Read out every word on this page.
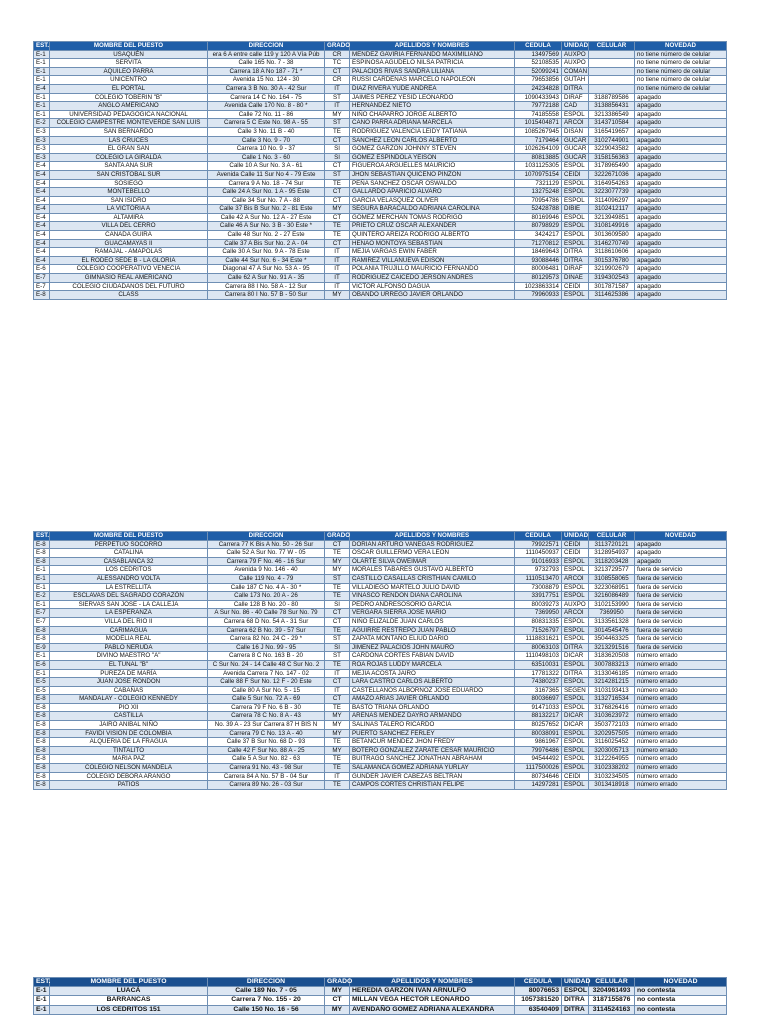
EST.	MOMBRE DEL PUESTO	DIRECCION	GRADO	APELLIDOS Y NOMBRES	CEDULA	UNIDAD	CELULAR	NOVEDAD
E-1	USAQUÉN	era 6 A entre calle 119 y 120 A Vía Púb	CR	MENDEZ GAVIRIA FERNANDO MAXIMILIANO	13497569	AUXPO		no tiene número de celular
E-1	SERVITA	Calle 165 No. 7 - 38	TC	ESPINOSA AGUDELO NILSA PATRICIA	52108535	AUXPO		no tiene número de celular
E-1	AQUILEO PARRA	Carrera 18 A No 187 - 71 *	CT	PALACIOS RIVAS SANDRA LILIANA	52099241	COMAN		no tiene número de celular
E-1	UNICENTRO	Avenida 15 No. 124 - 30	CR	RUSSI CARDENAS MARCELO NAPOLEON	79653856	GUTAH		no tiene número de celular
E-4	EL PORTAL	Carrera 3 B No. 30 A - 42 Sur	IT	DIAZ RIVERA YUDE ANDREA	24234828	DITRA		no tiene número de celular
E-1	COLEGIO TOBERIN "B"	Carrera 14 C No. 164 - 75	ST	JAIMES PEREZ YESID LEONARDO	1090433943	DIRAF	3188789586	apagado
E-1	ANGLO AMERICANO	Avenida Calle 170 No. 8 - 80 *	IT	HERNANDEZ NIETO	79772188	CAD	3138856431	apagado
E-1	UNIVERSIDAD PEDAGOGICA NACIONAL	Calle 72 No. 11 - 86	MY	NIÑO CHAPARRO JORGE ALBERTO	74185558	ESPOL	3213386549	apagado
E-2	COLEGIO CAMPESTRE MONTEVERDE SAN LUIS	Carrera 5 C Este No. 98 A - 55	ST	CANO PARRA ADRIANA MARCELA	1015404871	ARCOI	3143710584	apagado
E-3	SAN BERNARDO	Calle 3 No. 11 B - 40	TE	RODRIGUEZ VALENCIA LEIDY TATIANA	1085267945	DISAN	3165419657	apagado
E-3	LAS CRUCES	Calle 3 No. 9 - 70	CT	SANCHEZ LEON CARLOS ALBERTO	7179464	GUCAR	3102744901	apagado
E-3	EL GRAN SAN	Carrera 10 No. 9 - 37	SI	GOMEZ GARZON JOHNNY STEVEN	1026264109	GUCAR	3229043582	apagado
E-3	COLEGIO LA GIRALDA	Calle 1 No. 3 - 60	SI	GOMEZ ESPINDOLA YEISON	80813885	GUCAR	3158156363	apagado
E-4	SANTA ANA SUR	Calle 10 A Sur No. 3 A - 61	CT	FIGUEROA ARGUELLES MAURICIO	1031125305	ESPOL	3178965490	apagado
E-4	SAN CRISTOBAL SUR	Avenida Calle 11 Sur No 4 - 79 Este	ST	JHON SEBASTIAN QUICENO PINZON	1070975154	CEIDI	3222671036	apagado
E-4	SOSIEGO	Carrera 9 A No. 18 - 74 Sur	TE	PEÑA SANCHEZ OSCAR OSWALDO	7321129	ESPOL	3164954263	apagado
E-4	MONTEBELLO	Calle 24 A Sur No. 1 A - 95 Este	CT	GALLARDO APARICIO ALVARO	13275248	ESPOL	3223077739	apagado
E-4	SAN ISIDRO	Calle 34 Sur No. 7 A - 88	CT	GARCIA VELASQUEZ OLIVER	70954786	ESPOL	3114096297	apagado
E-4	LA VICTORIA A	Calle 37 Bis B Sur No. 2 - 81 Este	MY	SEGURA BARACALDO ADRIANA CAROLINA	52428788	DIBIE	3102412117	apagado
E-4	ALTAMIRA	Calle 42 A Sur No. 12 A - 27 Este	CT	GOMEZ MERCHAN TOMAS RODRIGO	80169946	ESPOL	3213949851	apagado
E-4	VILLA DEL CERRO	Calle 46 A Sur No. 3 B - 30 Este *	TE	PRIETO CRUZ OSCAR ALEXANDER	80798929	ESPOL	3108149916	apagado
E-4	CANADA GUIRA	Calle 48 Sur No. 2 - 27 Este	TE	QUINTERO AREIZA RODRIGO ALBERTO	3424217	ESPOL	3013609580	apagado
E-4	GUACAMAYAS II	Calle 37 A Bis Sur No. 2 A - 04	CT	HENAO MONTOYA SEBASTIAN	71270812	ESPOL	3146270749	apagado
E-4	RAMAJAL - AMAPOLAS	Calle 30 A Sur No. 9 A - 78 Este	IT	MEJIA VARGAS EWIN FABER	18469643	DITRA	3118610606	apagado
E-4	EL RODEO SEDE B - LA GLORIA	Calle 44 Sur No. 6 - 34 Este *	IT	RAMIREZ VILLANUEVA EDISON	93088446	DITRA	3015376780	apagado
E-6	COLEGIO COOPERATIVO VENECIA	Diagonal 47 A Sur No. 53 A - 95	IT	POLANIA TRUJILLO MAURICIO FERNANDO	80006481	DIRAF	3219902679	apagado
E-7	GIMNASIO REAL AMERICANO	Calle 62 A Sur No. 91 A - 35	IT	RODRIGUEZ CAICEDO JERSON ANDRES	80129573	DINAE	3194302543	apagado
E-7	COLEGIO CIUDADANOS DEL FUTURO	Carrera 88 I No. 58 A - 12 Sur	IT	VICTOR ALFONSO DAGUA	1023863314	CEIDI	3017871587	apagado
E-8	CLASS	Carrera 80 I No. 57 B - 50 Sur	MY	OBANDO URREGO JAVIER ORLANDO	79960933	ESPOL	3114625386	apagado
EST.	MOMBRE DEL PUESTO	DIRECCION	GRADO	APELLIDOS Y NOMBRES	CEDULA	UNIDAD	CELULAR	NOVEDAD
E-8	PERPETUO SOCORRO	Carrera 77 K Bis A No. 50 - 26 Sur	CT	DORIAN ARTURO VANEGAS RODRIGUEZ	79922571	CEIDI	3113720121	apagado
E-8	CATALINA	Calle 52 A Sur No. 77 W - 05	TE	OSCAR GUILLERMO VERA LEON	1110450937	CEIDI	3128954937	apagado
E-8	CASABLANCA 32	Carrera 79 F No. 46 - 16 Sur	MY	OLARTE SILVA OWEIMAR	91016933	ESPOL	3118203428	apagado
E-1	LOS CEDRITOS	Avenida 9 No. 146 - 40	MY	MORALES TABARES GUSTAVO ALBERTO	9732793	ESPOL	3213729577	fuera de servicio
E-1	ALESSANDRO VOLTA	Calle 119 No. 4 - 79	ST	CASTILLO CASALLAS CRISTHIAN CAMILO	1110513470	ARCOI	3108558065	fuera de servicio
E-1	LA ESTRELLITA	Calle 187 C No. 4 A - 30 *	TE	VILLADIEGO MARTELO JULIO DAVID	73008879	ESPOL	3223068951	fuera de servicio
E-2	ESCLAVAS DEL SAGRADO CORAZÓN	Calle 173 No. 20 A - 26	TE	VINASCO RENDON DIANA CAROLINA	33917751	ESPOL	3216086489	fuera de servicio
E-1	SIERVAS SAN JOSE - LA CALLEJA	Calle 128 B No. 20 - 80	SI	PEDRO ANDRESOSORIO GARCIA	80039273	AUXPO	3102153990	fuera de servicio
E-7	LA ESPERANZA	A Sur No. 86 - 40 Calle 78 Sur No. 79	CT	VERGARA SIERRA JOSE MARIO	7369950	ARCOI	7369950	fuera de servicio
E-7	VILLA DEL RIO II	Carrera 68 D No. 54 A - 31 Sur	CT	NIÑO ELIZALDE JUAN CARLOS	80831335	ESPOL	3133561328	fuera de servicio
E-8	CARIMAGUA	Carrera 62 B No. 39 - 57 Sur	TE	AGUIRRE RESTREPO JUAN PABLO	71526797	ESPOL	3014545476	fuera de servicio
E-8	MODELIA REAL	Carrera 82 No. 24 C - 29 *	ST	ZAPATA MONTAÑO ELIUD DARIO	1118831621	ESPOL	3504463325	fuera de servicio
E-9	PABLO NERUDA	Calle 16 J No. 99 - 95	SI	JIMENEZ PALACIOS JOHN MAURO	80063103	DITRA	3213291516	fuera de servicio
E-1	DIVINO MAESTRO "A"	Carrera 8 C No. 163 B - 20	ST	CARDONA CORTES FABIAN DAVID	1110498103	DICAR	3183620508	número errado
E-6	EL TUNAL "B"	C Sur No. 24 - 14 Calle 48 C Sur No. 2	TE	ROA ROJAS LUDDY MARCELA	63510031	ESPOL	3007883213	número errado
E-1	PUREZA DE MARÍA	Avenida Carrera 7 No. 147 - 02	IT	MEJIA ACOSTA JAIRO	17781322	DITRA	3133046185	número errado
E-5	JUAN JOSE RONDON	Calle 88 F Sur No. 12 F - 20 Este	CT	LARA CASTRO CARLOS ALBERTO	74380237	ESPOL	3214281215	número errado
E-5	CABAÑAS	Calle 80 A Sur No. 5 - 15	IT	CASTELLANOS ALBORNOZ JOSE EDUARDO	3167365	SEGEN	3103193413	número errado
E-8	MANDALAY - COLEGIO KENNEDY	Calle 5 Sur No. 72 A - 69	CT	AMAZO ARIAS JAVIER ORLANDO	80036697	ESPOL	3132716534	número errado
E-8	PIO XII	Carrera 79 F No. 6 B - 30	TE	BASTO TRIANA ORLANDO	91471033	ESPOL	3176826416	número errado
E-8	CASTILLA	Carrera 78 C No. 8 A - 43	MY	ARENAS MENDEZ DAYRO ARMANDO	88132217	DICAR	3103623972	número errado
E-8	JAIRO ANIBAL NIÑO	No. 39 A - 23 Sur Carrera 87 H BIS N	MY	SALINAS TALERO RICARDO	80257652	DICAR	3503772103	número errado
E-8	FAVIDI VISION DE COLOMBIA	Carrera 79 C No. 13 A - 40	MY	PUERTO SANCHEZ FERLEY	80038091	ESPOL	3202957505	número errado
E-8	ALQUERIA DE LA FRAGUA	Calle 37 B Sur No. 68 D - 93	TE	BETANCUR MENDEZ JHON FREDY	9861967	ESPOL	3116025452	número errado
E-8	TINTALITO	Calle 42 F Sur No. 88 A - 25	MY	BOTERO GONZALEZ ZARATE CESAR MAURICIO	79976486	ESPOL	3203005713	número errado
E-8	MARIA PAZ	Calle 5 A Sur No. 82 - 63	TE	BUITRAGO SANCHEZ JONATHAN ABRAHAM	94544492	ESPOL	3122264955	número errado
E-8	COLEGIO NELSON MANDELA	Carrera 91 No. 43 - 98 Sur	TE	SALAMANCA GOMEZ ADRIANA YURLAY	1117500026	ESPOL	3102338202	número errado
E-8	COLEGIO DEBORA ARANGO	Carrera 84 A No. 57 B - 04 Sur	IT	GUNDER JAVIER CABEZAS BELTRAN	80734646	CEIDI	3103234505	número errado
E-8	PATIOS	Carrera 89 No. 26 - 03 Sur	TE	CAMPOS CORTES CHRISTIAN FELIPE	14297281	ESPOL	3013418918	número errado
EST.	MOMBRE DEL PUESTO	DIRECCION	GRADO	APELLIDOS Y NOMBRES	CEDULA	UNIDAD	CELULAR	NOVEDAD
E-1	LUACÁ	Calle 189 No. 7 - 05	MY	HEREDIA GARZON IVAN ARNULFO	80076653	ESPOL	3204961493	no contesta
E-1	BARRANCAS	Carrera 7 No. 155 - 20	CT	MILLAN VEGA HECTOR LEONARDO	1057381520	DITRA	3187155876	no contesta
E-1	LOS CEDRITOS 151	Calle 150 No. 16 - 56	MY	AVENDAÑO GOMEZ ADRIANA ALEXANDRA	63540409	DITRA	3114524163	no contesta
